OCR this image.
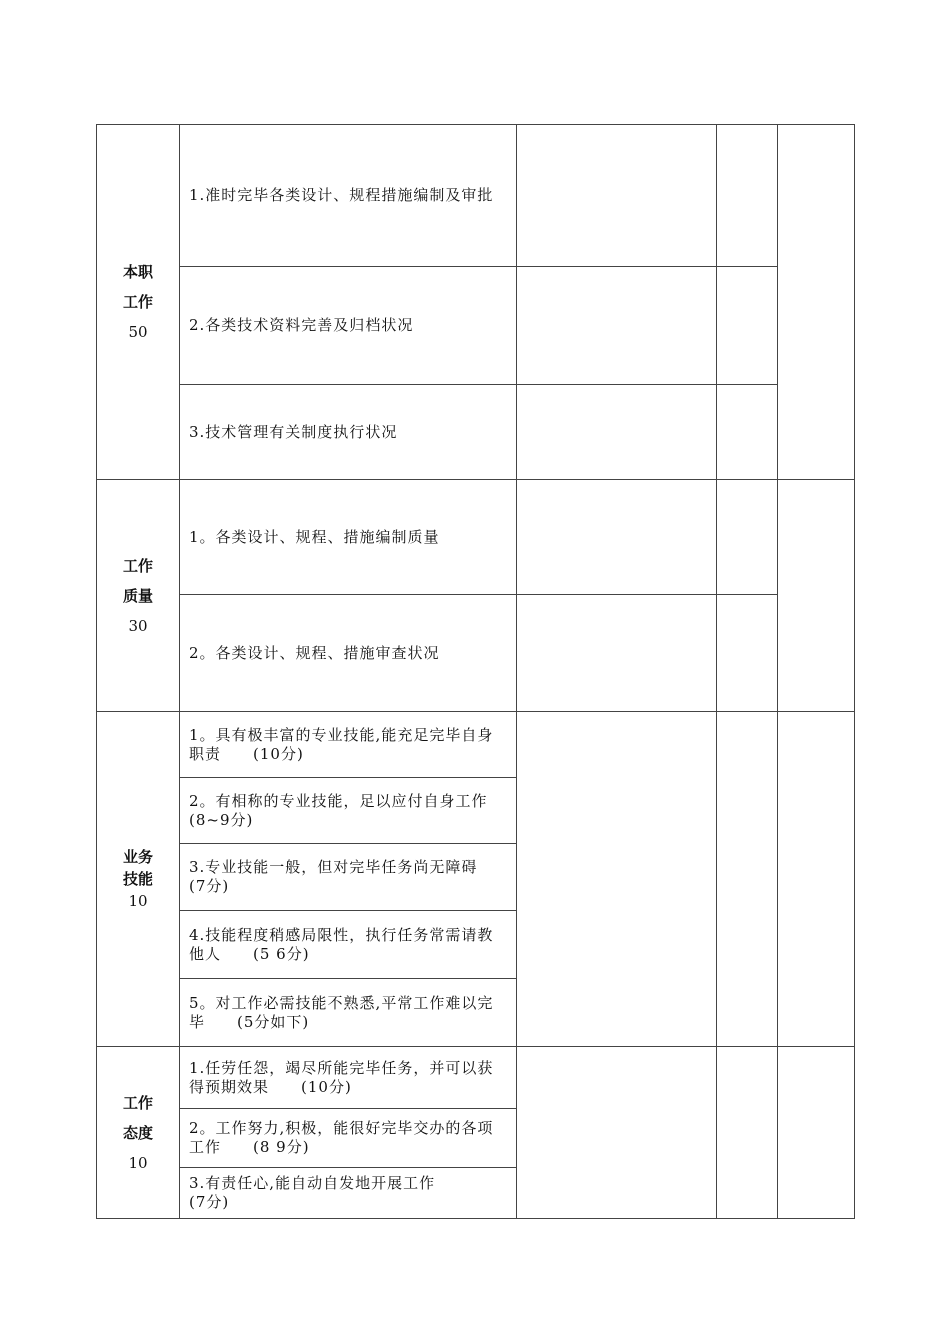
本职
工作
50	1.准时完毕各类设计、规程措施编制及审批			
	2.各类技术资料完善及归档状况			
	3.技术管理有关制度执行状况			
工作
质量
30	1。各类设计、规程、措施编制质量			
	2。各类设计、规程、措施审查状况			
业务
技能
10	1。具有极丰富的专业技能,能充足完毕自身职责　　(10分)			
	2。有相称的专业技能，足以应付自身工作　　　　(8~9分)			
	3.专业技能一般，但对完毕任务尚无障碍　　　　(7分)			
	4.技能程度稍感局限性，执行任务常需请教他人　　(5 6分)			
	5。对工作必需技能不熟悉,平常工作难以完毕　　(5分如下)			
工作
态度
10	1.任劳任怨，竭尽所能完毕任务，并可以获得预期效果　　(10分)			
	2。工作努力,积极，能很好完毕交办的各项工作　　(8 9分)			
	3.有责任心,能自动自发地开展工作　　　　(7分)			
